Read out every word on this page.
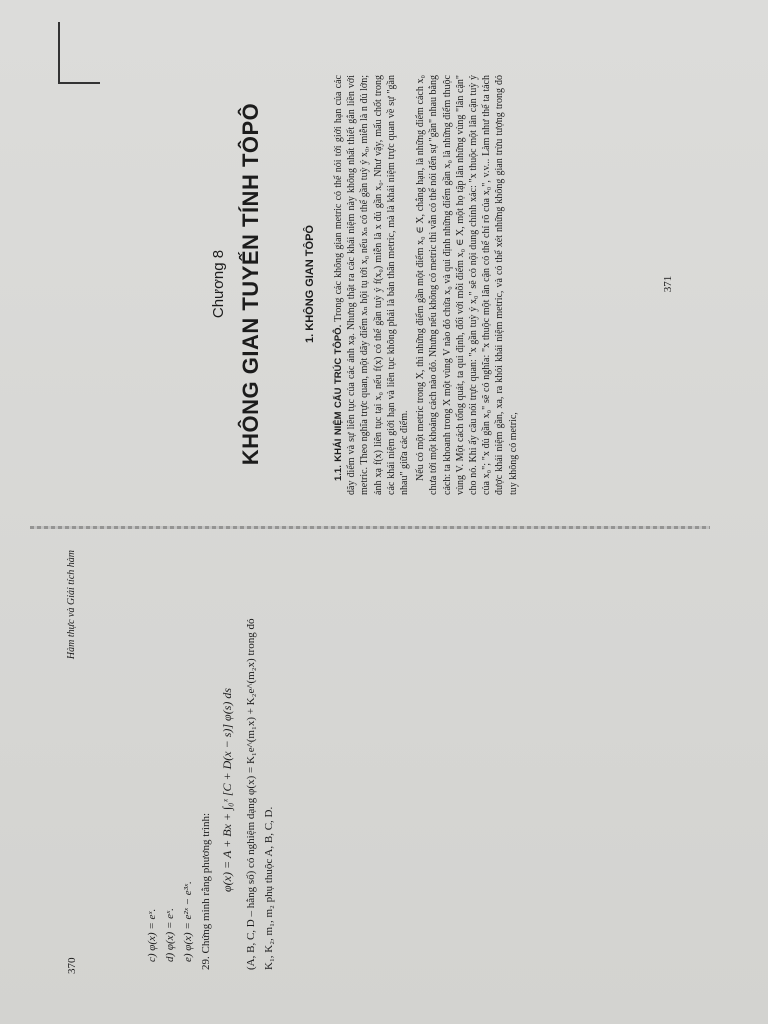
370
Hàm thực và Giải tích hàm
c) φ(x) = eˣ. d) φ(x) = eˣ. e) φ(x) = e²ˣ − e³ˣ. 29. Chứng minh rằng phương trình: φ(x) = A + Bx + ∫₀ˣ [C + D(x − s)] φ(s) ds (A, B, C, D – hằng số) có nghiệm dạng φ(x) = K₁e^(m₁x) + K₂e^(m₂x) trong đó K₁, K₂, m₁, m₂ phụ thuộc A, B, C, D.
Chương 8 KHÔNG GIAN TUYẾN TÍNH TÔPÔ	1. KHÔNG GIAN TÔPÔ

1.1. KHÁI NIỆM CẤU TRÚC TÔPÔ. Trong các không gian metric có thể nói tới giới hạn của các dãy điểm và sự liên tục của các ánh xạ. Nhưng thật ra các khái niệm này không nhất thiết gắn liền với metric. Theo nghĩa trực quan, một dãy điểm xₙ hội tụ tới x₀ nếu xₙ có thể gần tuỳ ý x₀, miễn là n đủ lớn; ánh xạ f(x) liên tục tại x₀ nếu f(x) có thể gần tuỳ ý f(x₀) miễn là x đủ gần x₀. Như vậy, mấu chốt trong các khái niệm giới hạn và liên tục không phải là bản thân metric, mà là khái niệm trực quan về sự "gần nhau" giữa các điểm. Nếu có một metric trong X, thì những điểm gần một điểm x₀ ∈ X, chẳng hạn, là những điểm cách x₀ chưa tới một khoảng cách nào đó. Nhưng nếu không có metric thì vẫn có thể nói đến sự "gần" nhau bằng cách: ta khoanh trong X một vùng V nào đó chứa x₀ và qui định những điểm gần x₀ là những điểm thuộc vùng V. Một cách tổng quát, ta qui định, đối với mỗi điểm x₀ ∈ X, một họ tập lân những vùng "lân cận" cho nó. Khi ấy câu nói trực quan: "x gần tuỳ ý x₀" sẽ có nội dung chính xác: "x thuộc một lân cận tuỳ ý của x₀"; "x đủ gần x₀" sẽ có nghĩa: "x thuộc một lân cận có thể chỉ rõ của x₀", v.v... Làm như thế ta tách được khái niệm gần, xa, ra khỏi khái niệm metric, và có thể xét những không gian trừu tượng trong đó tuy không có metric,

371
